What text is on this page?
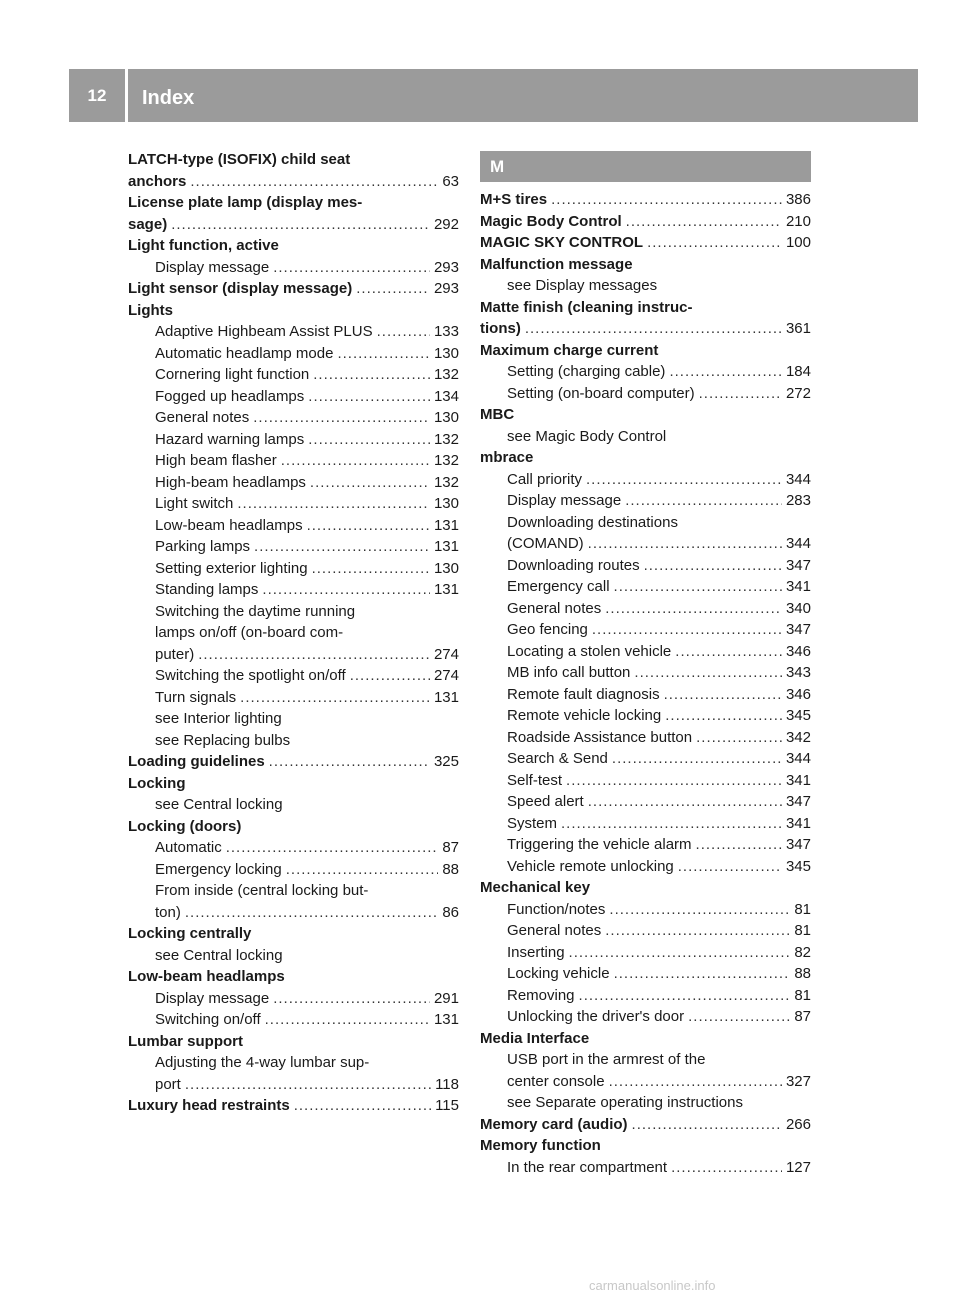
12	Index
LATCH-type (ISOFIX) child seat
anchors .....	63
License plate lamp (display mes-
sage) .....	292
Light function, active
Display message .....	293
Light sensor (display message) .....	293
Lights
Adaptive Highbeam Assist PLUS .....	133
Automatic headlamp mode .....	130
Cornering light function .....	132
Fogged up headlamps .....	134
General notes .....	130
Hazard warning lamps .....	132
High beam flasher .....	132
High-beam headlamps .....	132
Light switch .....	130
Low-beam headlamps .....	131
Parking lamps .....	131
Setting exterior lighting .....	130
Standing lamps .....	131
Switching the daytime running
lamps on/off (on-board com-
puter) .....	274
Switching the spotlight on/off .....	274
Turn signals .....	131
see Interior lighting
see Replacing bulbs
Loading guidelines .....	325
Locking
see Central locking
Locking (doors)
Automatic .....	87
Emergency locking .....	88
From inside (central locking but-
ton) .....	86
Locking centrally
see Central locking
Low-beam headlamps
Display message .....	291
Switching on/off .....	131
Lumbar support
Adjusting the 4-way lumbar sup-
port .....	118
Luxury head restraints .....	115
M
M+S tires .....	386
Magic Body Control .....	210
MAGIC SKY CONTROL .....	100
Malfunction message
see Display messages
Matte finish (cleaning instruc-
tions) .....	361
Maximum charge current
Setting (charging cable) .....	184
Setting (on-board computer) .....	272
MBC
see Magic Body Control
mbrace
Call priority .....	344
Display message .....	283
Downloading destinations
(COMAND) .....	344
Downloading routes .....	347
Emergency call .....	341
General notes .....	340
Geo fencing .....	347
Locating a stolen vehicle .....	346
MB info call button .....	343
Remote fault diagnosis .....	346
Remote vehicle locking .....	345
Roadside Assistance button .....	342
Search & Send .....	344
Self-test .....	341
Speed alert .....	347
System .....	341
Triggering the vehicle alarm .....	347
Vehicle remote unlocking .....	345
Mechanical key
Function/notes .....	81
General notes .....	81
Inserting .....	82
Locking vehicle .....	88
Removing .....	81
Unlocking the driver's door .....	87
Media Interface
USB port in the armrest of the
center console .....	327
see Separate operating instructions
Memory card (audio) .....	266
Memory function
In the rear compartment .....	127
carmanualsonline.info
